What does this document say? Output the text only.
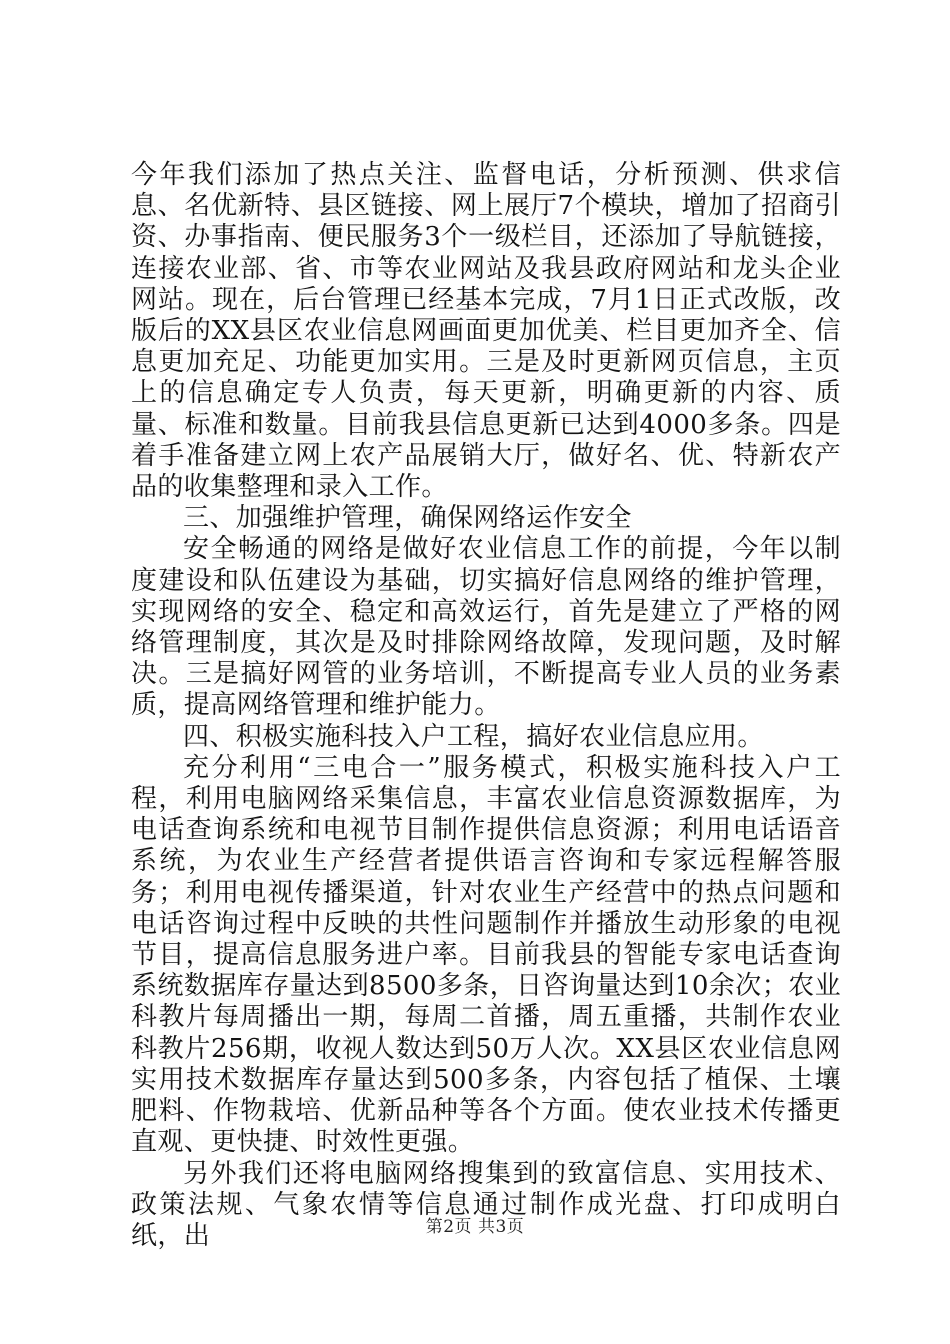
今年我们添加了热点关注、监督电话，分析预测、供求信息、名优新特、县区链接、网上展厅7个模块，增加了招商引资、办事指南、便民服务3个一级栏目，还添加了导航链接，连接农业部、省、市等农业网站及我县政府网站和龙头企业网站。现在，后台管理已经基本完成，7月1日正式改版，改版后的XX县区农业信息网画面更加优美、栏目更加齐全、信息更加充足、功能更加实用。三是及时更新网页信息，主页上的信息确定专人负责，每天更新，明确更新的内容、质量、标准和数量。目前我县信息更新已达到4000多条。四是着手准备建立网上农产品展销大厅，做好名、优、特新农产品的收集整理和录入工作。

三、加强维护管理，确保网络运作安全

安全畅通的网络是做好农业信息工作的前提，今年以制度建设和队伍建设为基础，切实搞好信息网络的维护管理，实现网络的安全、稳定和高效运行，首先是建立了严格的网络管理制度，其次是及时排除网络故障，发现问题，及时解决。三是搞好网管的业务培训，不断提高专业人员的业务素质，提高网络管理和维护能力。

四、积极实施科技入户工程，搞好农业信息应用。

充分利用“三电合一”服务模式，积极实施科技入户工程，利用电脑网络采集信息，丰富农业信息资源数据库，为电话查询系统和电视节目制作提供信息资源；利用电话语音系统，为农业生产经营者提供语言咨询和专家远程解答服务；利用电视传播渠道，针对农业生产经营中的热点问题和电话咨询过程中反映的共性问题制作并播放生动形象的电视节目，提高信息服务进户率。目前我县的智能专家电话查询系统数据库存量达到8500多条，日咨询量达到10余次；农业科教片每周播出一期，每周二首播，周五重播，共制作农业科教片256期，收视人数达到50万人次。XX县区农业信息网实用技术数据库存量达到500多条，内容包括了植保、土壤肥料、作物栽培、优新品种等各个方面。使农业技术传播更直观、更快捷、时效性更强。

另外我们还将电脑网络搜集到的致富信息、实用技术、政策法规、气象农情等信息通过制作成光盘、打印成明白纸，出	第2页 共3页
